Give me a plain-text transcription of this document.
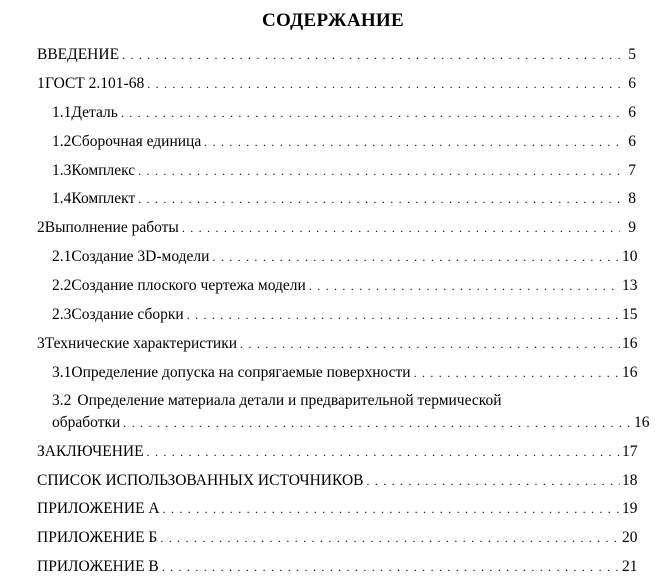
СОДЕРЖАНИЕ
ВВЕДЕНИЕ . . .	5
1 ГОСТ 2.101-68 . . .	6
1.1 Деталь . . .	6
1.2 Сборочная единица . . .	6
1.3 Комплекс . . .	7
1.4 Комплект . . .	8
2 Выполнение работы . . .	9
2.1 Создание 3D-модели . . .	10
2.2 Создание плоского чертежа модели . . .	13
2.3 Создание сборки . . .	15
3 Технические характеристики . . .	16
3.1 Определение допуска на сопрягаемые поверхности . . .	16
3.2 Определение материала детали и предварительной термической
обработки . . .	16
ЗАКЛЮЧЕНИЕ . . .	17
СПИСОК ИСПОЛЬЗОВАННЫХ ИСТОЧНИКОВ . . .	18
ПРИЛОЖЕНИЕ А . . .	19
ПРИЛОЖЕНИЕ Б . . .	20
ПРИЛОЖЕНИЕ В . . .	21
